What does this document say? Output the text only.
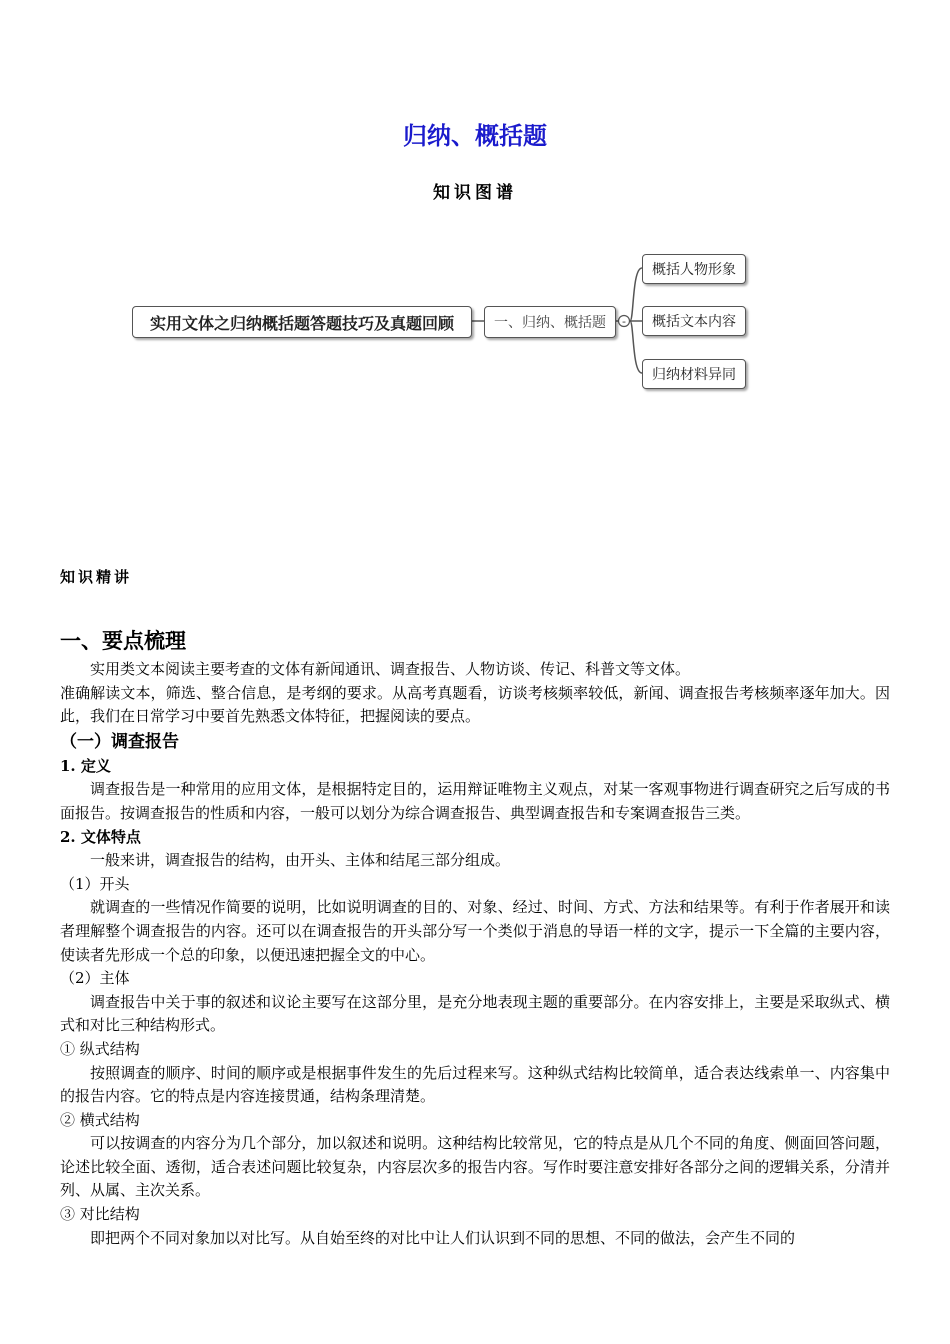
归纳、概括题
知识图谱
-
实用文体之归纳概括题答题技巧及真题回顾	一、归纳、概括题
概括人物形象
概括文本内容
归纳材料异同
知识精讲
一、要点梳理

实用类文本阅读主要考查的文体有新闻通讯、调查报告、人物访谈、传记、科普文等文体。

准确解读文本，筛选、整合信息，是考纲的要求。从高考真题看，访谈考核频率较低，新闻、调查报告考核频率逐年加大。因此，我们在日常学习中要首先熟悉文体特征，把握阅读的要点。

（一）调查报告
1. 定义

调查报告是一种常用的应用文体，是根据特定目的，运用辩证唯物主义观点，对某一客观事物进行调查研究之后写成的书面报告。按调查报告的性质和内容，一般可以划分为综合调查报告、典型调查报告和专案调查报告三类。

2. 文体特点

一般来讲，调查报告的结构，由开头、主体和结尾三部分组成。

（1）开头

就调查的一些情况作简要的说明，比如说明调查的目的、对象、经过、时间、方式、方法和结果等。有利于作者展开和读者理解整个调查报告的内容。还可以在调查报告的开头部分写一个类似于消息的导语一样的文字，提示一下全篇的主要内容，使读者先形成一个总的印象，以便迅速把握全文的中心。

（2）主体

调查报告中关于事的叙述和议论主要写在这部分里，是充分地表现主题的重要部分。在内容安排上，主要是采取纵式、横式和对比三种结构形式。

① 纵式结构

按照调查的顺序、时间的顺序或是根据事件发生的先后过程来写。这种纵式结构比较简单，适合表达线索单一、内容集中的报告内容。它的特点是内容连接贯通，结构条理清楚。

② 横式结构

可以按调查的内容分为几个部分，加以叙述和说明。这种结构比较常见，它的特点是从几个不同的角度、侧面回答问题，论述比较全面、透彻，适合表述问题比较复杂，内容层次多的报告内容。写作时要注意安排好各部分之间的逻辑关系，分清并列、从属、主次关系。

③ 对比结构

即把两个不同对象加以对比写。从自始至终的对比中让人们认识到不同的思想、不同的做法，会产生不同的
